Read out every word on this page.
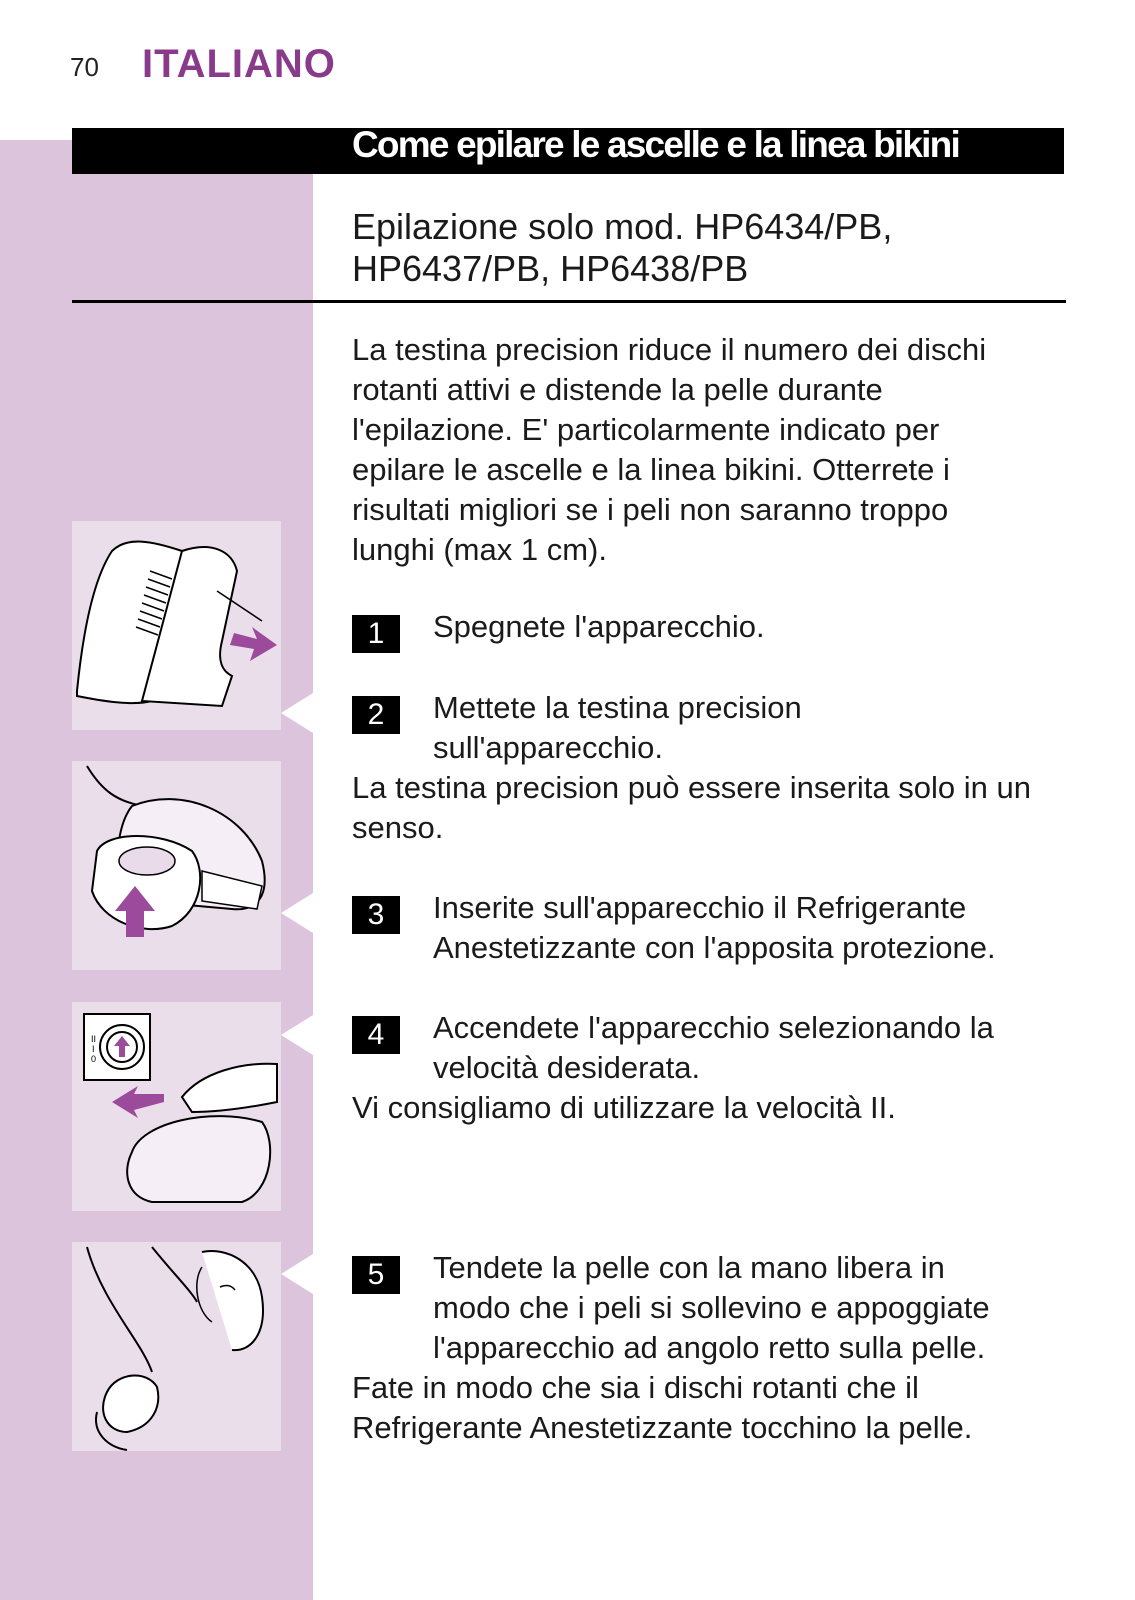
70 ITALIANO
Come epilare le ascelle e la linea bikini
Epilazione solo mod. HP6434/PB,
HP6437/PB, HP6438/PB
La testina precision riduce il numero dei dischi
rotanti attivi e distende la pelle durante
l'epilazione. E' particolarmente indicato per
epilare le ascelle e la linea bikini. Otterrete i
risultati migliori se i peli non saranno troppo
lunghi (max 1 cm).
1	Spegnete l'apparecchio.
2	Mettete la testina precision
sull'apparecchio.
La testina precision può essere inserita solo in un
senso.
3	Inserite sull'apparecchio il Refrigerante
Anestetizzante con l'apposita protezione.
4	Accendete l'apparecchio selezionando la
velocità desiderata.
Vi consigliamo di utilizzare la velocità II.
5	Tendete la pelle con la mano libera in
modo che i peli si sollevino e appoggiate
l'apparecchio ad angolo retto sulla pelle.
Fate in modo che sia i dischi rotanti che il
Refrigerante Anestetizzante tocchino la pelle.
II
I
0
